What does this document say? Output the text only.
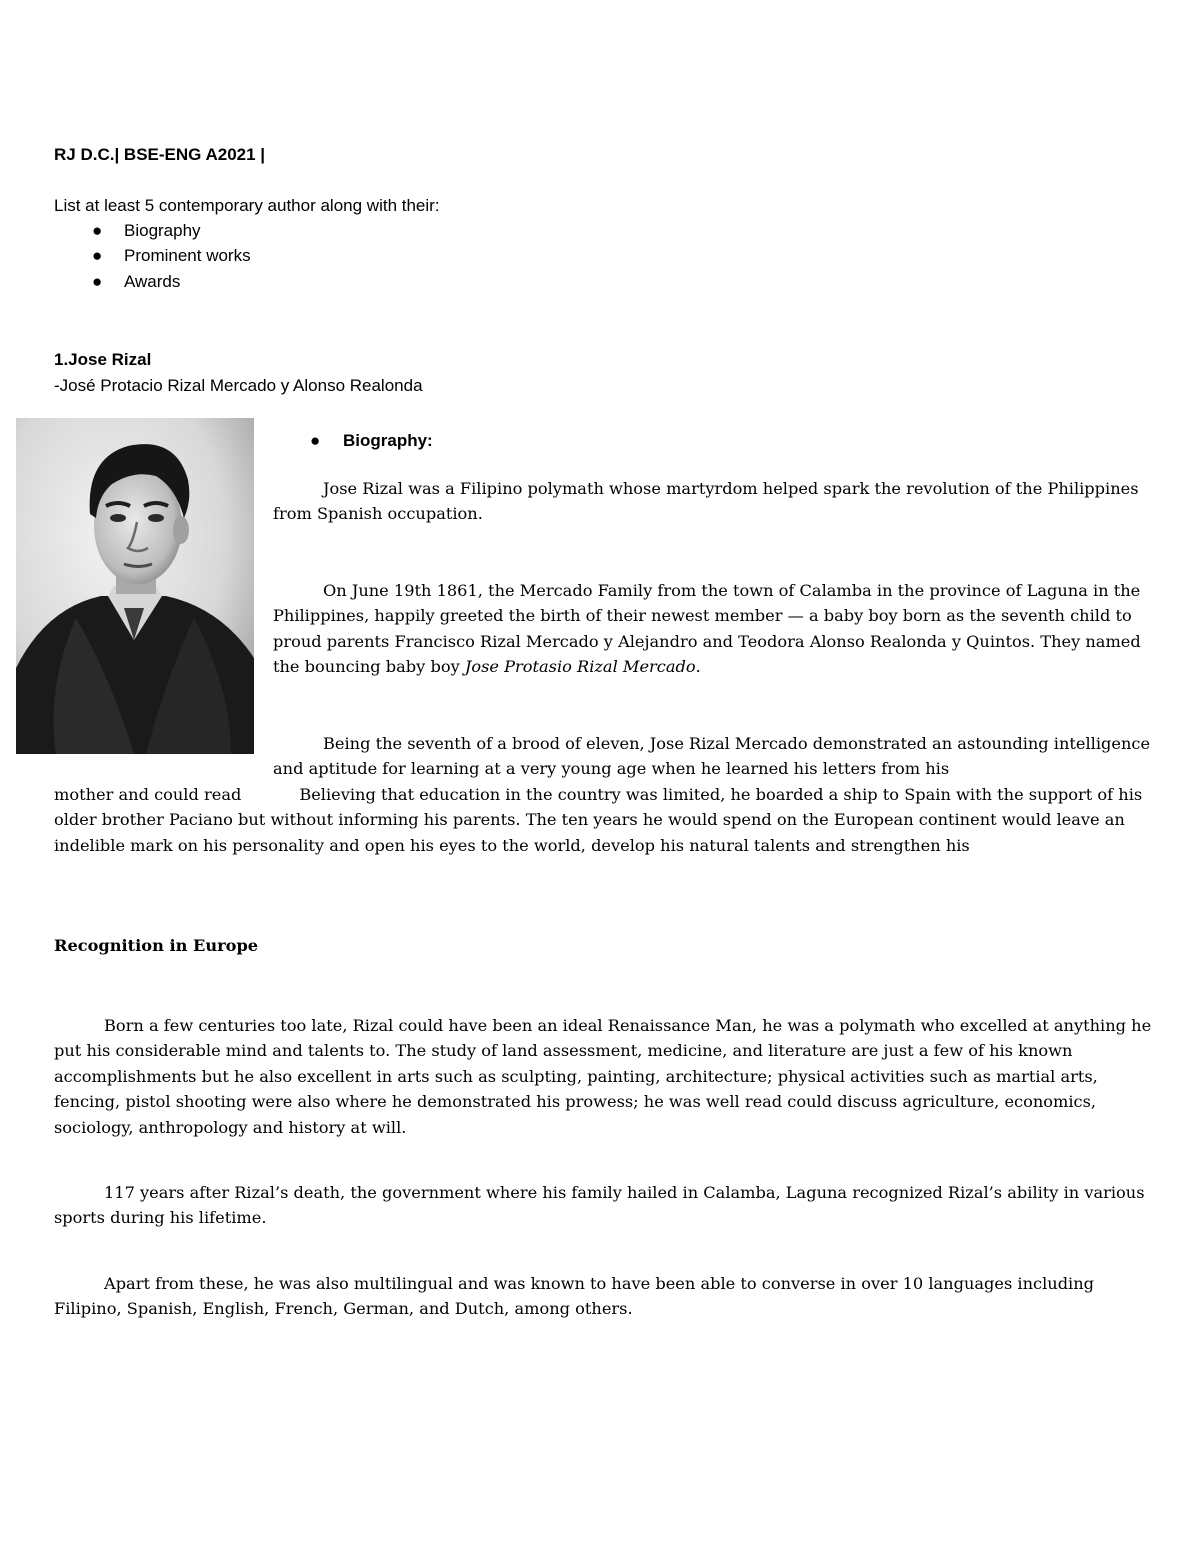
RJ D.C.| BSE-ENG A2021 |
List at least 5 contemporary author along with their:
● Biography
● Prominent works
● Awards
1.Jose Rizal
-José Protacio Rizal Mercado y Alonso Realonda
● Biography:
Jose Rizal was a Filipino polymath whose martyrdom helped spark the revolution of the Philippines from Spanish occupation.
On June 19th 1861, the Mercado Family from the town of Calamba in the province of Laguna in the Philippines, happily greeted the birth of their newest member — a baby boy born as the seventh child to proud parents Francisco Rizal Mercado y Alejandro and Teodora Alonso Realonda y Quintos. They named the bouncing baby boy Jose Protasio Rizal Mercado.
Being the seventh of a brood of eleven, Jose Rizal Mercado demonstrated an astounding intelligence and aptitude for learning at a very young age when he learned his letters from his
mother and could read	Believing that education in the country was limited, he boarded a ship to Spain with the support of his older brother Paciano but without informing his parents. The ten years he would spend on the European continent would leave an indelible mark on his personality and open his eyes to the world, develop his natural talents and strengthen his
Recognition in Europe
Born a few centuries too late, Rizal could have been an ideal Renaissance Man, he was a polymath who excelled at anything he put his considerable mind and talents to. The study of land assessment, medicine, and literature are just a few of his known accomplishments but he also excellent in arts such as sculpting, painting, architecture; physical activities such as martial arts, fencing, pistol shooting were also where he demonstrated his prowess; he was well read could discuss agriculture, economics, sociology, anthropology and history at will.
117 years after Rizal’s death, the government where his family hailed in Calamba, Laguna recognized Rizal’s ability in various sports during his lifetime.
Apart from these, he was also multilingual and was known to have been able to converse in over 10 languages including Filipino, Spanish, English, French, German, and Dutch, among others.
